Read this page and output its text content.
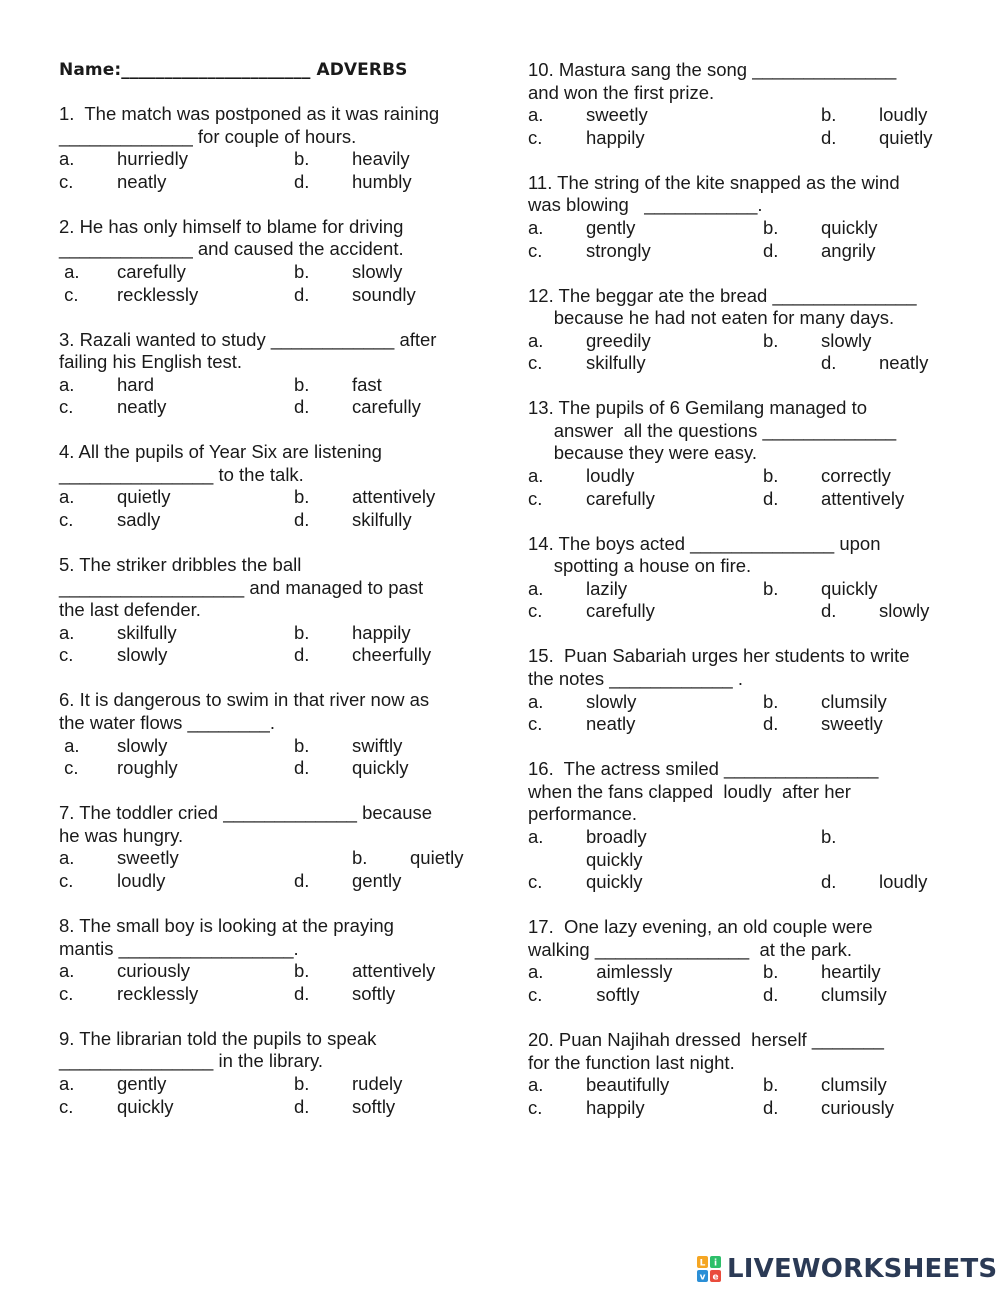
Name:______________________ ADVERBS
1.  The match was postponed as it was raining
_____________ for couple of hours.
a. hurriedly	b. heavily
c. neatly	d. humbly
2. He has only himself to blame for driving
_____________ and caused the accident.
a. carefully	b. slowly
c. recklessly	d. soundly
3. Razali wanted to study ____________ after
failing his English test.
a. hard	b. fast
c. neatly	d. carefully
4. All the pupils of Year Six are listening
_______________ to the talk.
a. quietly	b. attentively
c. sadly	d. skilfully
5. The striker dribbles the ball
__________________ and managed to past
the last defender.
a. skilfully	b. happily
c. slowly	d. cheerfully
6. It is dangerous to swim in that river now as
the water flows ________.
a. slowly	b. swiftly
c. roughly	d. quickly
7. The toddler cried _____________ because
he was hungry.
a. sweetly	b. quietly
c. loudly	d. gently
8. The small boy is looking at the praying
mantis _________________.
a. curiously	b. attentively
c. recklessly	d. softly
9. The librarian told the pupils to speak
_______________ in the library.
a. gently	b. rudely
c. quickly	d. softly
10. Mastura sang the song ______________
and won the first prize.
a. sweetly	b. loudly
c. happily	d. quietly
11. The string of the kite snapped as the wind
was blowing   ___________.
a. gently	b. quickly
c. strongly	d. angrily
12. The beggar ate the bread ______________
because he had not eaten for many days.
a. greedily	b. slowly
c. skilfully	d. neatly
13. The pupils of 6 Gemilang managed to
answer  all the questions _____________
because they were easy.
a. loudly	b. correctly
c. carefully	d. attentively
14. The boys acted ______________ upon
spotting a house on fire.
a. lazily	b. quickly
c. carefully	d. slowly
15.  Puan Sabariah urges her students to write
the notes ____________ .
a. slowly	b. clumsily
c. neatly	d. sweetly
16.  The actress smiled _______________
when the fans clapped  loudly  after her
performance.
a. broadly	b.
quickly
c. quickly	d. loudly
17.  One lazy evening, an old couple were
walking _______________  at the park.
a. aimlessly	b. heartily
c. softly	d. clumsily
20. Puan Najihah dressed  herself _______
for the function last night.
a. beautifully	b. clumsily
c. happily	d. curiously
L i
v e LIVEWORKSHEETS
